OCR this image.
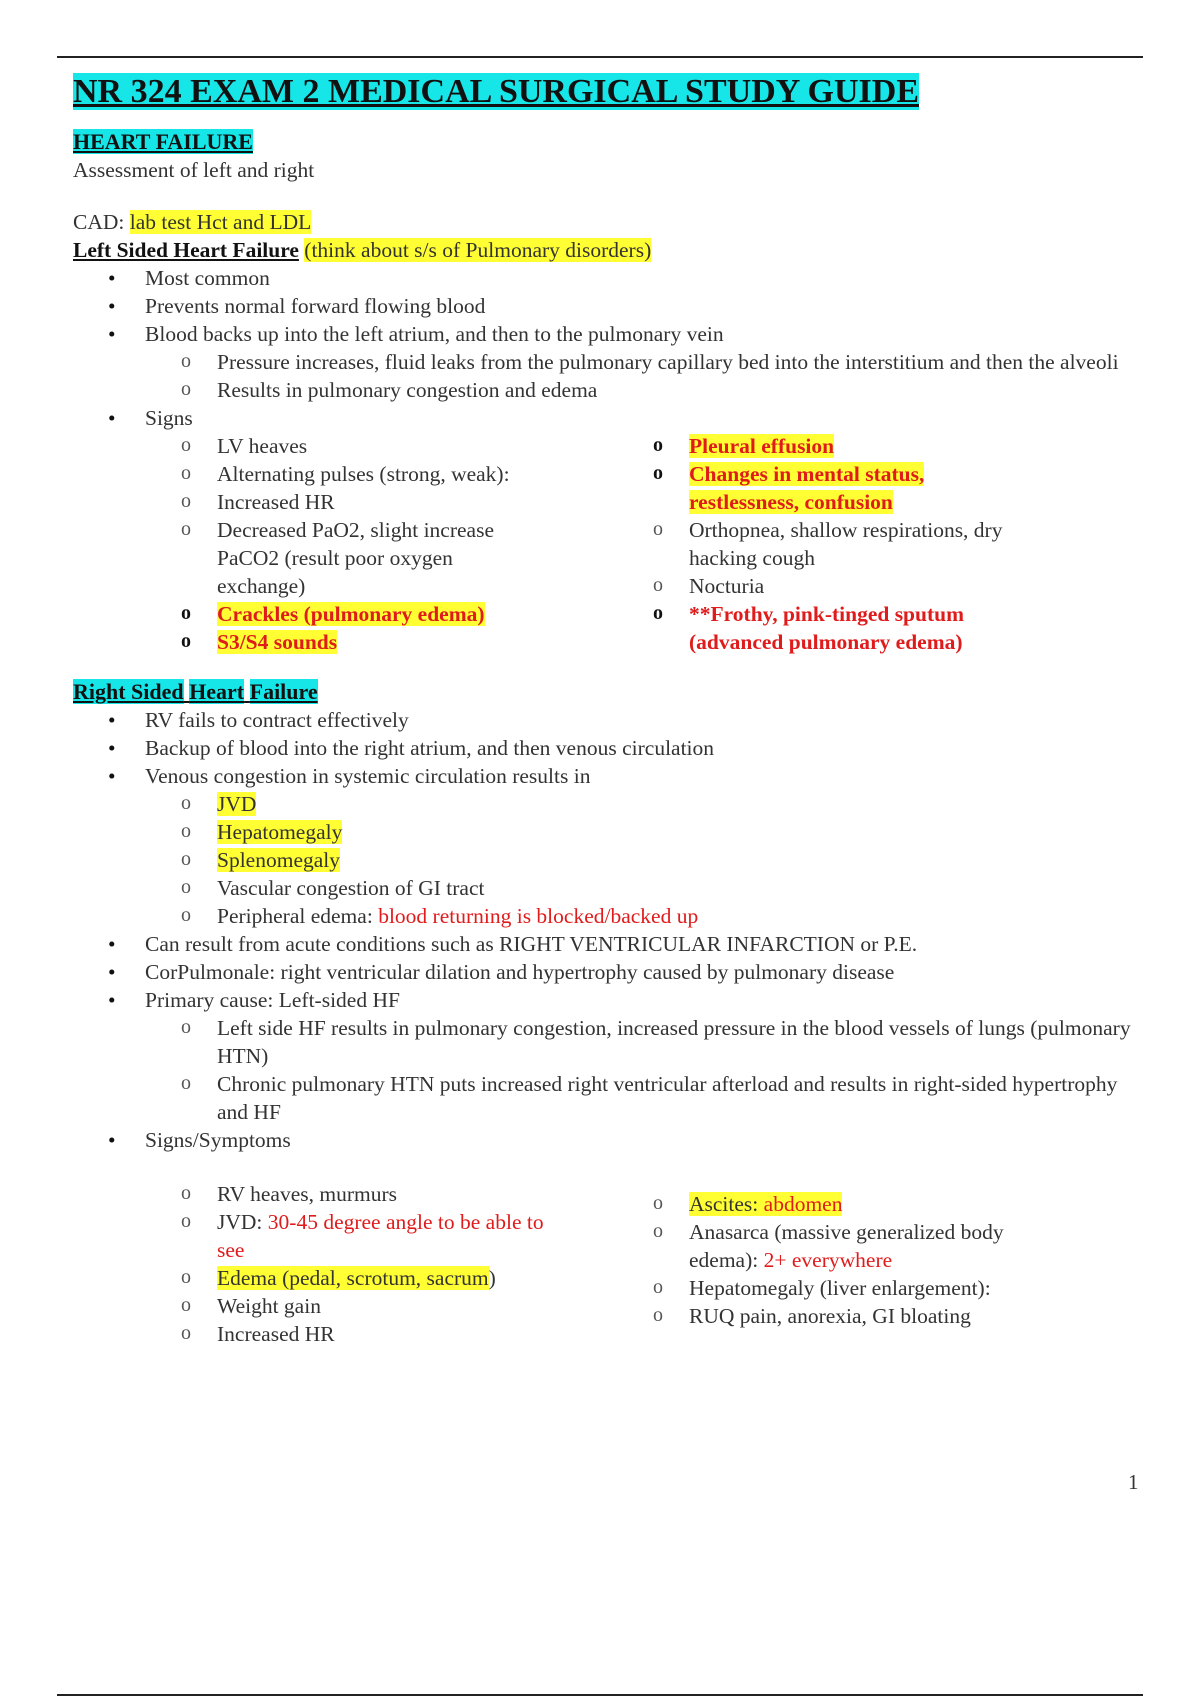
NR 324 EXAM 2 MEDICAL SURGICAL STUDY GUIDE
HEART FAILURE
Assessment of left and right
CAD: lab test Hct and LDL
Left Sided Heart Failure (think about s/s of Pulmonary disorders)
• Most common
• Prevents normal forward flowing blood
• Blood backs up into the left atrium, and then to the pulmonary vein
o Pressure increases, fluid leaks from the pulmonary capillary bed into the interstitium and then the alveoli
o Results in pulmonary congestion and edema
• Signs
o LV heaves
o Alternating pulses (strong, weak):
o Increased HR
o Decreased PaO2, slight increase PaCO2 (result poor oxygen exchange)
o Crackles (pulmonary edema)
o S3/S4 sounds
o Pleural effusion
o Changes in mental status, restlessness, confusion
o Orthopnea, shallow respirations, dry hacking cough
o Nocturia
o **Frothy, pink-tinged sputum (advanced pulmonary edema)
Right Sided Heart Failure
• RV fails to contract effectively
• Backup of blood into the right atrium, and then venous circulation
• Venous congestion in systemic circulation results in
o JVD
o Hepatomegaly
o Splenomegaly
o Vascular congestion of GI tract
o Peripheral edema: blood returning is blocked/backed up
• Can result from acute conditions such as RIGHT VENTRICULAR INFARCTION or P.E.
• CorPulmonale: right ventricular dilation and hypertrophy caused by pulmonary disease
• Primary cause: Left-sided HF
o Left side HF results in pulmonary congestion, increased pressure in the blood vessels of lungs (pulmonary HTN)
o Chronic pulmonary HTN puts increased right ventricular afterload and results in right-sided hypertrophy and HF
• Signs/Symptoms
o RV heaves, murmurs
o JVD: 30-45 degree angle to be able to see
o Edema (pedal, scrotum, sacrum)
o Weight gain
o Increased HR
o Ascites: abdomen
o Anasarca (massive generalized body edema): 2+ everywhere
o Hepatomegaly (liver enlargement):
o RUQ pain, anorexia, GI bloating
1
